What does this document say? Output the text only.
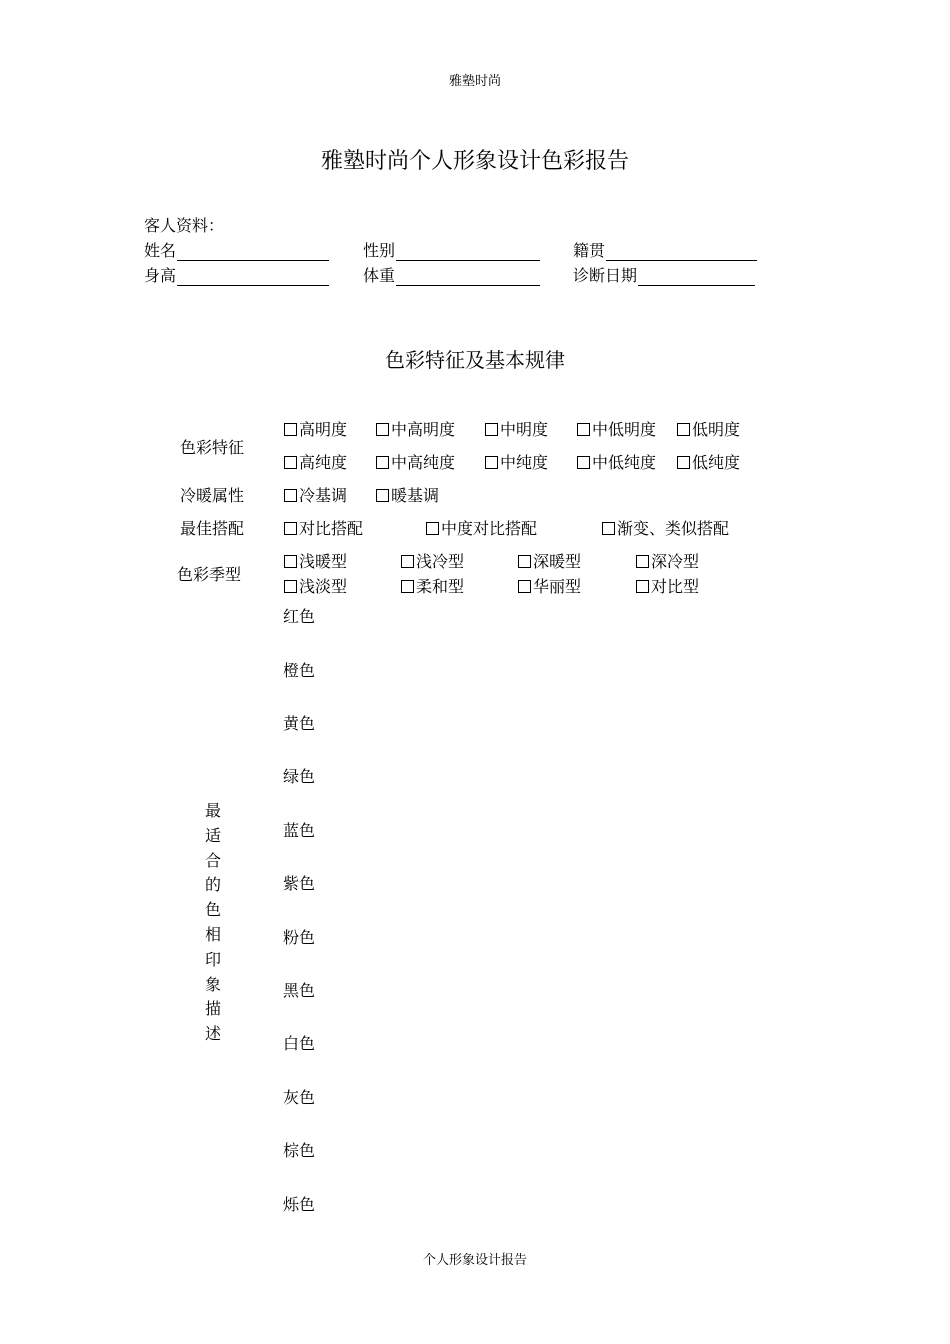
雅塾时尚
雅塾时尚个人形象设计色彩报告
客人资料：
姓名	性别	籍贯
身高	体重	诊断日期
色彩特征及基本规律
色彩特征
高明度	中高明度	中明度	中低明度	低明度
高纯度	中高纯度	中纯度	中低纯度	低纯度
冷暖属性	冷基调	暖基调
最佳搭配	对比搭配	中度对比搭配	渐变、类似搭配
色彩季型
浅暖型	浅冷型	深暖型	深冷型
浅淡型	柔和型	华丽型	对比型
最适合的色相印象描述
红色
橙色
黄色
绿色
蓝色
紫色
粉色
黑色
白色
灰色
棕色
烁色
个人形象设计报告
